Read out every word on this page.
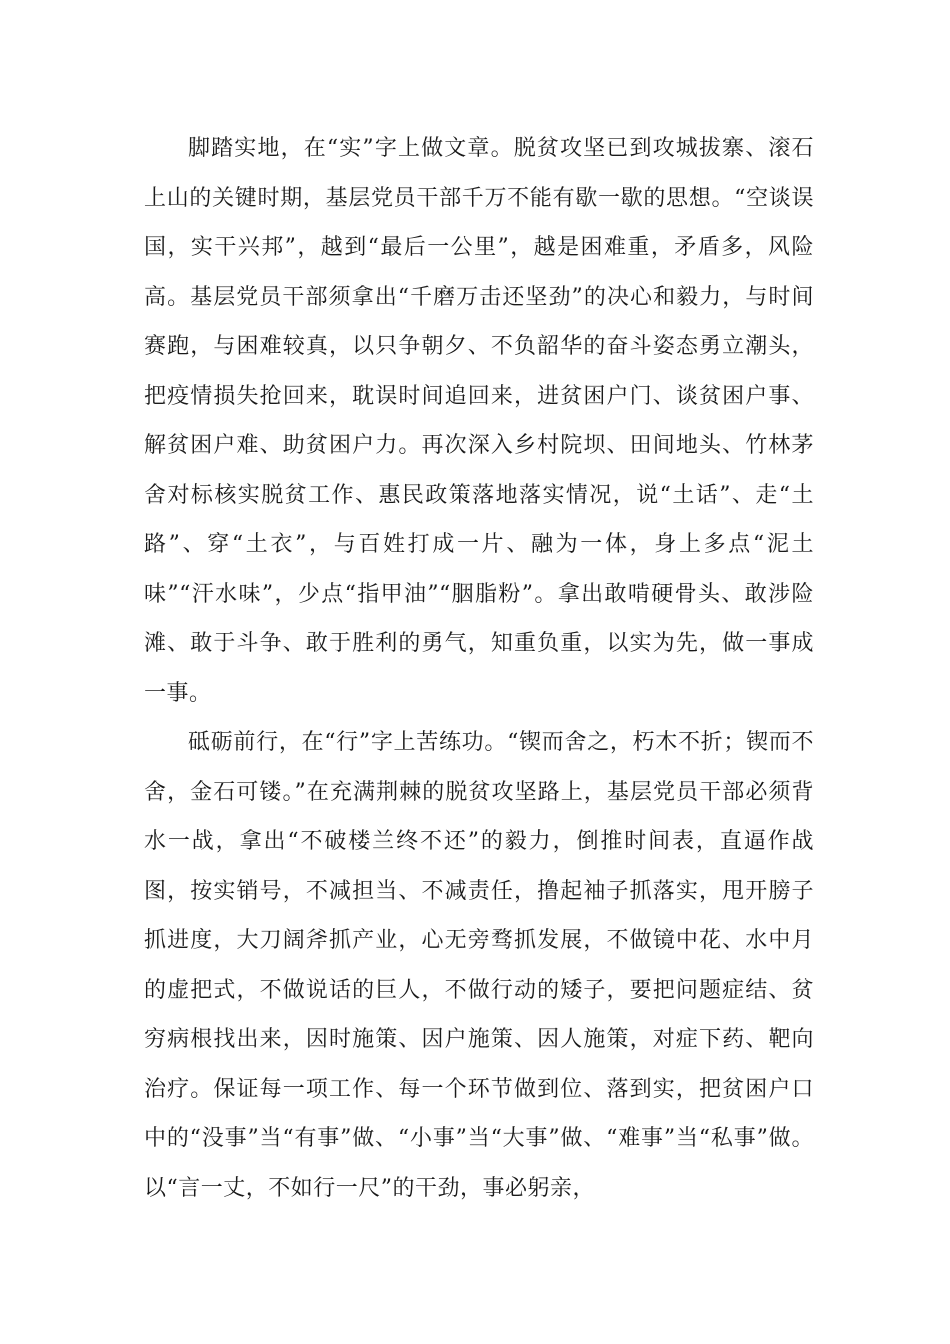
脚踏实地，在“实”字上做文章。脱贫攻坚已到攻城拔寨、滚石上山的关键时期，基层党员干部千万不能有歇一歇的思想。“空谈误国，实干兴邦”，越到“最后一公里”，越是困难重，矛盾多，风险高。基层党员干部须拿出“千磨万击还坚劲”的决心和毅力，与时间赛跑，与困难较真，以只争朝夕、不负韶华的奋斗姿态勇立潮头，把疫情损失抢回来，耽误时间追回来，进贫困户门、谈贫困户事、解贫困户难、助贫困户力。再次深入乡村院坝、田间地头、竹林茅舍对标核实脱贫工作、惠民政策落地落实情况，说“土话”、走“土路”、穿“土衣”，与百姓打成一片、融为一体，身上多点“泥土味”“汗水味”，少点“指甲油”“胭脂粉”。拿出敢啃硬骨头、敢涉险滩、敢于斗争、敢于胜利的勇气，知重负重，以实为先，做一事成一事。

砥砺前行，在“行”字上苦练功。“锲而舍之，朽木不折；锲而不舍，金石可镂。”在充满荆棘的脱贫攻坚路上，基层党员干部必须背水一战，拿出“不破楼兰终不还”的毅力，倒推时间表，直逼作战图，按实销号，不减担当、不减责任，撸起袖子抓落实，甩开膀子抓进度，大刀阔斧抓产业，心无旁骛抓发展，不做镜中花、水中月的虚把式，不做说话的巨人，不做行动的矮子，要把问题症结、贫穷病根找出来，因时施策、因户施策、因人施策，对症下药、靶向治疗。保证每一项工作、每一个环节做到位、落到实，把贫困户口中的“没事”当“有事”做、“小事”当“大事”做、“难事”当“私事”做。以“言一丈，不如行一尺”的干劲，事必躬亲，
